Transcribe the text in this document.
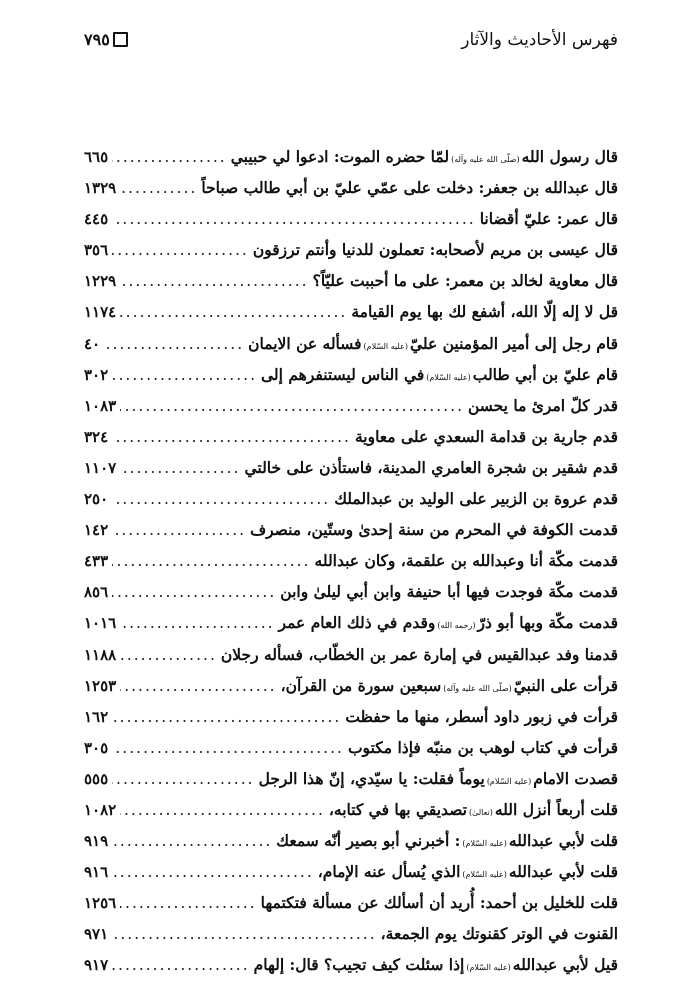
فهرس الأحاديث والآثار
٧٩٥
قال رسول الله(صلّى الله عليه وآله)لمّا حضره الموت: ادعوا لي حبيبي
.....
٦٦٥
قال عبدالله بن جعفر: دخلت على عمّي عليّ بن أبي طالب صباحاً
.....
١٣٢٩
قال عمر: عليّ أقضانا
.....
٤٤٥
قال عيسى بن مريم لأصحابه: تعملون للدنيا وأنتم ترزقون
.....
٣٥٦
قال معاوية لخالد بن معمر: على ما أحببت عليّاً؟
.....
١٢٢٩
قل لا إله إلّا الله، أشفع لك بها يوم القيامة
.....
١١٧٤
قام رجل إلى أمير المؤمنين عليّ(عليه السّلام)فسأله عن الايمان
.....
٤٠
قام عليّ بن أبي طالب(عليه السّلام)في الناس ليستنفرهم إلى
.....
٣٠٢
قدر كلّ امرئ ما يحسن
.....
١٠٨٣
قدم جارية بن قدامة السعدي على معاوية
.....
٣٢٤
قدم شقير بن شجرة العامري المدينة، فاستأذن على خالتي
.....
١١٠٧
قدم عروة بن الزبير على الوليد بن عبدالملك
.....
٢٥٠
قدمت الكوفة في المحرم من سنة إحدىٰ وستّين، منصرف
.....
١٤٢
قدمت مكّة أنا وعبدالله بن علقمة، وكان عبدالله
.....
٤٣٣
قدمت مكّة فوجدت فيها أبا حنيفة وابن أبي ليلىٰ وابن
.....
٨٥٦
قدمت مكّة وبها أبو ذرّ(رحمه الله)وقدم في ذلك العام عمر
.....
١٠١٦
قدمنا وفد عبدالقيس في إمارة عمر بن الخطّاب، فسأله رجلان
.....
١١٨٨
قرأت على النبيّ(صلّى الله عليه وآله)سبعين سورة من القرآن،
.....
١٢٥٣
قرأت في زبور داود أسطر، منها ما حفظت
.....
١٦٢
قرأت في كتاب لوهب بن منبّه فإذا مكتوب
.....
٣٠٥
قصدت الامام(عليه السّلام)يوماً فقلت: يا سيّدي، إنّ هذا الرجل
.....
٥٥٥
قلت أربعاً أنزل الله(تعالىٰ)تصديقي بها في كتابه،
.....
١٠٨٢
قلت لأبي عبدالله(عليه السّلام): أخبرني أبو بصير أنّه سمعك
.....
٩١٩
قلت لأبي عبدالله(عليه السّلام)الذي يُسأل عنه الإمام،
.....
٩١٦
قلت للخليل بن أحمد: أُريد أن أسألك عن مسألة فتكتمها
.....
١٢٥٦
القنوت في الوتر كقنوتك يوم الجمعة،
.....
٩٧١
قيل لأبي عبدالله(عليه السّلام)إذا سئلت كيف تجيب؟ قال: إلهام
.....
٩١٧
